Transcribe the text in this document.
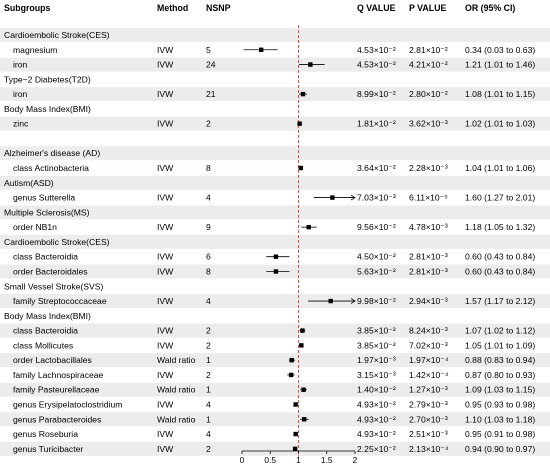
Subgroups	Method NSNP	Q VALUE P VALUE OR (95% CI)
Cardioembolic Stroke(CES)
magnesium	IVW	5	4.53×10⁻² 2.81×10⁻² 0.34 (0.03 to 0.63)
iron	IVW	24	4.53×10⁻² 4.21×10⁻² 1.21 (1.01 to 1.46)
Type−2 Diabetes(T2D)
iron	IVW	21	8.99×10⁻² 2.80×10⁻² 1.08 (1.01 to 1.15)
Body Mass Index(BMI)
zinc	IVW	2	1.81×10⁻² 3.62×10⁻³ 1.02 (1.01 to 1.03)
Alzheimer's disease (AD)
class Actinobacteria	IVW	8	3.64×10⁻² 2.28×10⁻³ 1.04 (1.01 to 1.06)
Autism(ASD)
genus Sutterella	IVW	4	7.03×10⁻³ 6.11×10⁻⁵ 1.60 (1.27 to 2.01)
Multiple Sclerosis(MS)
order NB1n	IVW	9	9.56×10⁻² 4.78×10⁻³ 1.18 (1.05 to 1.32)
Cardioembolic Stroke(CES)
class Bacteroidia	IVW	6	4.50×10⁻² 2.81×10⁻³ 0.60 (0.43 to 0.84)
order Bacteroidales	IVW	8	5.63×10⁻² 2.81×10⁻³ 0.60 (0.43 to 0.84)
Small Vessel Stroke(SVS)
family Streptococcaceae	IVW	4	9.98×10⁻² 2.94×10⁻³ 1.57 (1.17 to 2.12)
Body Mass Index(BMI)
class Bacteroidia	IVW	2	3.85×10⁻² 8.24×10⁻³ 1.07 (1.02 to 1.12)
class Mollicutes	IVW	2	3.85×10⁻² 7.02×10⁻³ 1.05 (1.01 to 1.09)
order Lactobacillales	Wald ratio 1	1.97×10⁻³ 1.97×10⁻⁴ 0.88 (0.83 to 0.94)
family Lachnospiraceae	IVW	2	3.15×10⁻³ 1.42×10⁻⁴ 0.87 (0.80 to 0.93)
family Pasteurellaceae	Wald ratio 1	1.40×10⁻² 1.27×10⁻³ 1.09 (1.03 to 1.15)
genus Erysipelatoclostridium	IVW	4	4.93×10⁻² 2.79×10⁻³ 0.95 (0.93 to 0.98)
genus Parabacteroides	Wald ratio 1	4.93×10⁻² 2.70×10⁻³ 1.10 (1.03 to 1.18)
genus Roseburia	IVW	4	4.93×10⁻² 2.51×10⁻³ 0.95 (0.91 to 0.98)
genus Turicibacter	IVW	2	2.25×10⁻² 2.13×10⁻⁴ 0.94 (0.90 to 0.97)
0 0.5 1 1.5 2
